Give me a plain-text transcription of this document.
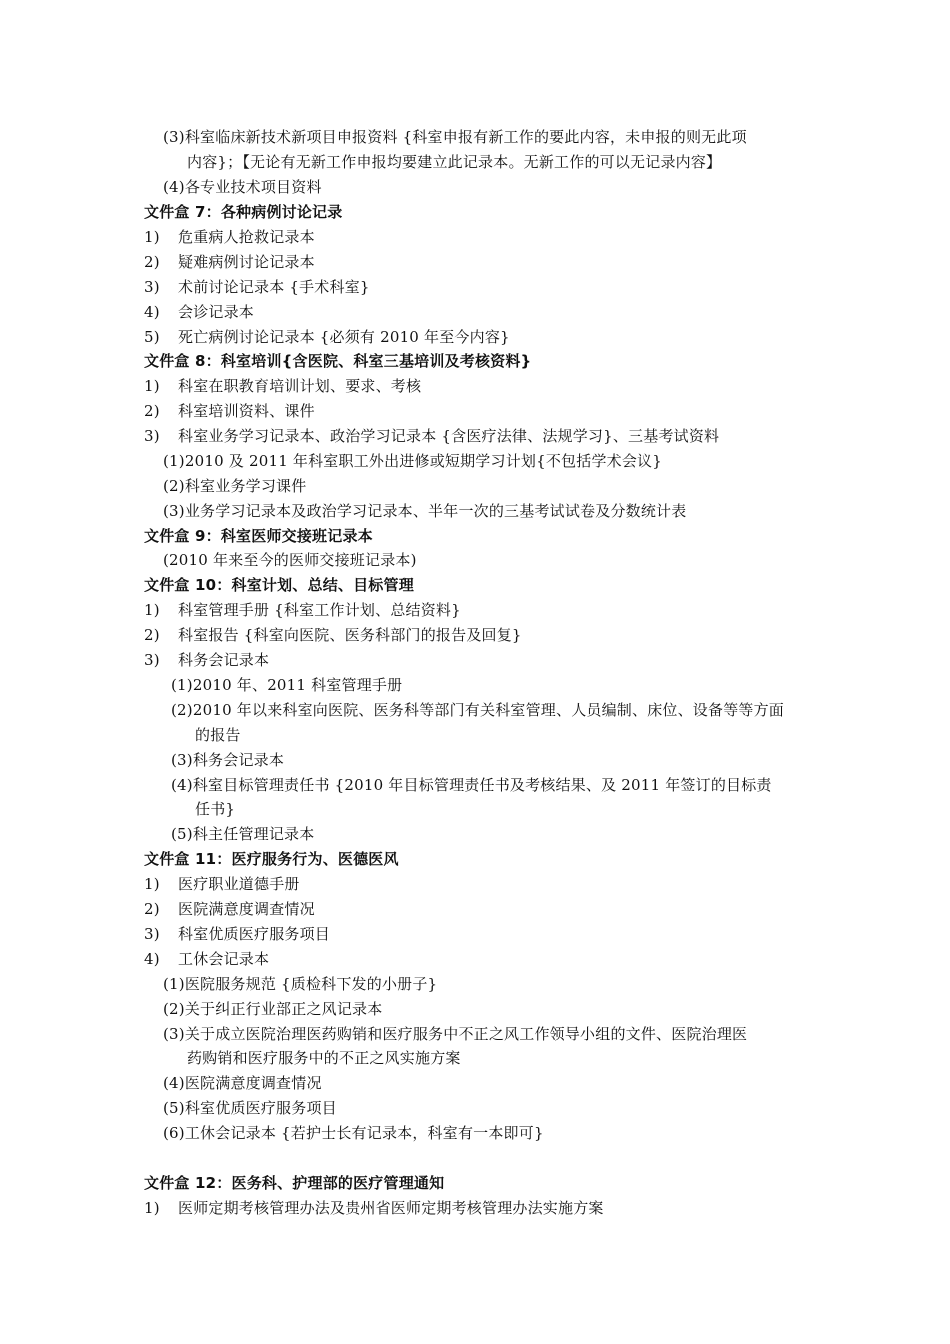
(3)科室临床新技术新项目申报资料 {科室申报有新工作的要此内容，未申报的则无此项
内容}；【无论有无新工作申报均要建立此记录本。无新工作的可以无记录内容】
(4)各专业技术项目资料
文件盒 7：各种病例讨论记录
1) 危重病人抢救记录本
2) 疑难病例讨论记录本
3) 术前讨论记录本 {手术科室}
4) 会诊记录本
5) 死亡病例讨论记录本 {必须有 2010 年至今内容}
文件盒 8：科室培训{含医院、科室三基培训及考核资料}
1) 科室在职教育培训计划、要求、考核
2) 科室培训资料、课件
3) 科室业务学习记录本、政治学习记录本 {含医疗法律、法规学习}、三基考试资料
(1)2010 及 2011 年科室职工外出进修或短期学习计划{不包括学术会议}
(2)科室业务学习课件
(3)业务学习记录本及政治学习记录本、半年一次的三基考试试卷及分数统计表
文件盒 9：科室医师交接班记录本
(2010 年来至今的医师交接班记录本)
文件盒 10：科室计划、总结、目标管理
1) 科室管理手册 {科室工作计划、总结资料}
2) 科室报告 {科室向医院、医务科部门的报告及回复}
3) 科务会记录本
(1)2010 年、2011 科室管理手册
(2)2010 年以来科室向医院、医务科等部门有关科室管理、人员编制、床位、设备等等方面
的报告
(3)科务会记录本
(4)科室目标管理责任书 {2010 年目标管理责任书及考核结果、及 2011 年签订的目标责
任书}
(5)科主任管理记录本
文件盒 11：医疗服务行为、医德医风
1) 医疗职业道德手册
2) 医院满意度调查情况
3) 科室优质医疗服务项目
4) 工休会记录本
(1)医院服务规范 {质检科下发的小册子}
(2)关于纠正行业部正之风记录本
(3)关于成立医院治理医药购销和医疗服务中不正之风工作领导小组的文件、医院治理医
药购销和医疗服务中的不正之风实施方案
(4)医院满意度调查情况
(5)科室优质医疗服务项目
(6)工休会记录本 {若护士长有记录本，科室有一本即可}
文件盒 12：医务科、护理部的医疗管理通知
1) 医师定期考核管理办法及贵州省医师定期考核管理办法实施方案
